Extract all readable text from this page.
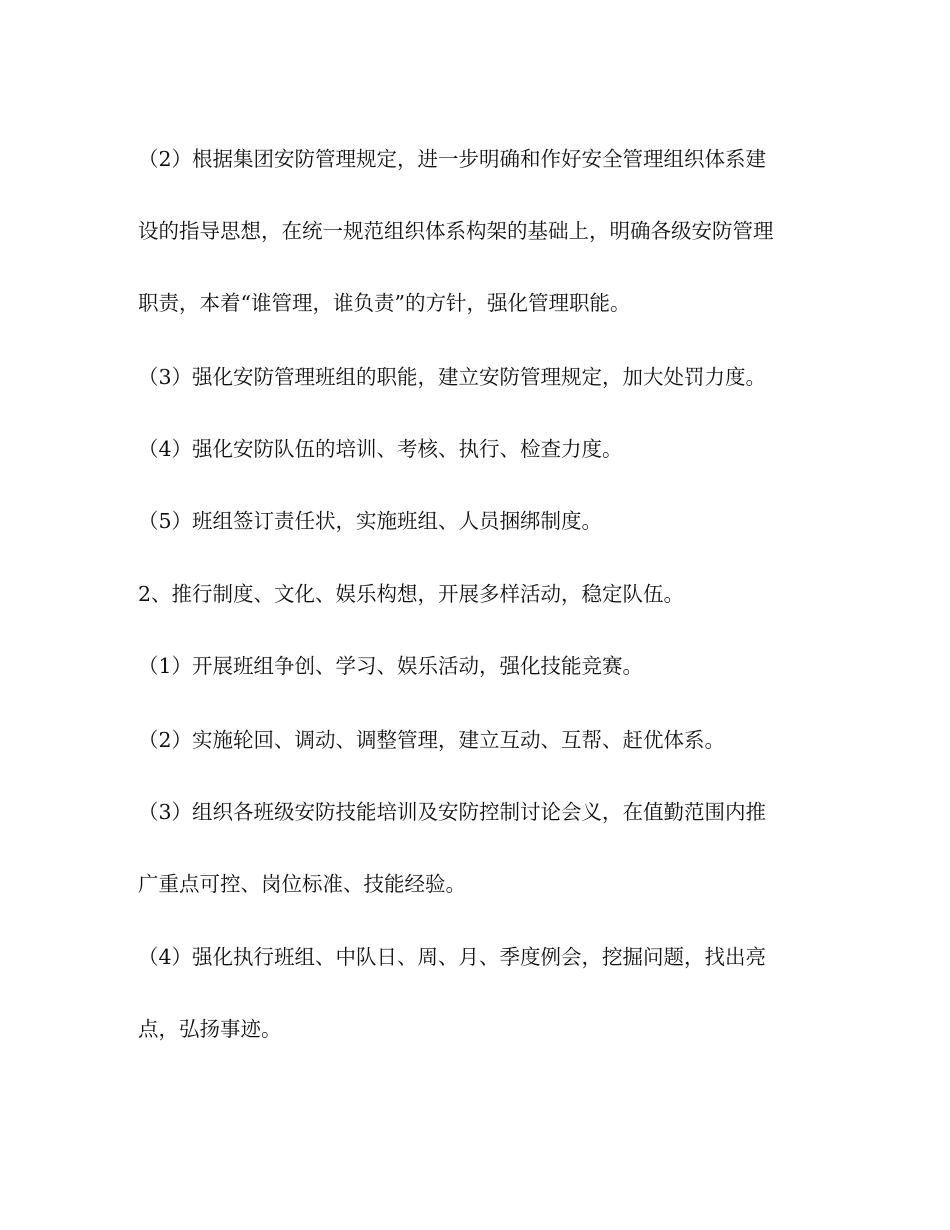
（2）根据集团安防管理规定，进一步明确和作好安全管理组织体系建

设的指导思想，在统一规范组织体系构架的基础上，明确各级安防管理

职责，本着“谁管理，谁负责”的方针，强化管理职能。

（3）强化安防管理班组的职能，建立安防管理规定，加大处罚力度。

（4）强化安防队伍的培训、考核、执行、检查力度。

（5）班组签订责任状，实施班组、人员捆绑制度。

2、推行制度、文化、娱乐构想，开展多样活动，稳定队伍。

（1）开展班组争创、学习、娱乐活动，强化技能竞赛。

（2）实施轮回、调动、调整管理，建立互动、互帮、赶优体系。

（3）组织各班级安防技能培训及安防控制讨论会义，在值勤范围内推

广重点可控、岗位标准、技能经验。

（4）强化执行班组、中队日、周、月、季度例会，挖掘问题，找出亮

点，弘扬事迹。
